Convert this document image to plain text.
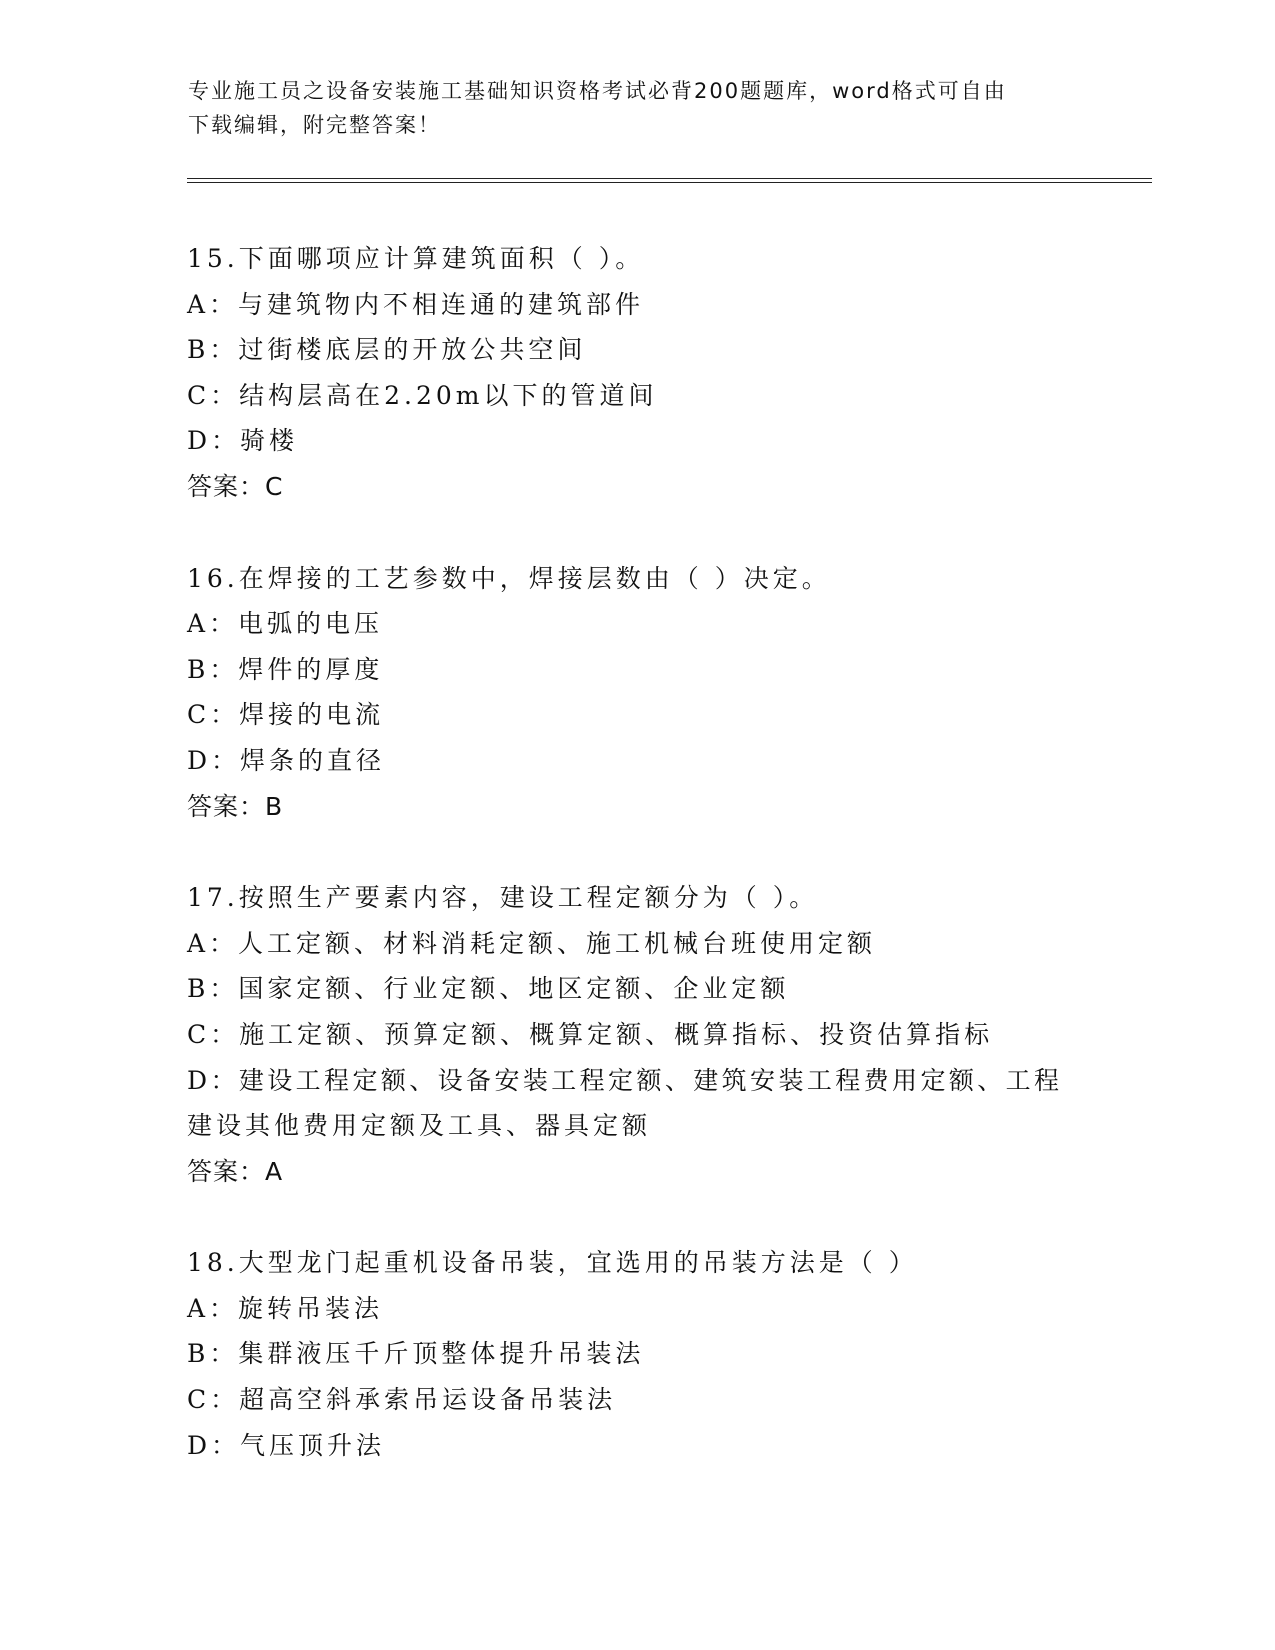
专业施工员之设备安装施工基础知识资格考试必背200题题库，word格式可自由
下载编辑，附完整答案！
15.下面哪项应计算建筑面积（ ）。
A：与建筑物内不相连通的建筑部件
B：过街楼底层的开放公共空间
C：结构层高在2.20m以下的管道间
D：骑楼
答案：C
16.在焊接的工艺参数中，焊接层数由（ ）决定。
A：电弧的电压
B：焊件的厚度
C：焊接的电流
D：焊条的直径
答案：B
17.按照生产要素内容，建设工程定额分为（ ）。
A：人工定额、材料消耗定额、施工机械台班使用定额
B：国家定额、行业定额、地区定额、企业定额
C：施工定额、预算定额、概算定额、概算指标、投资估算指标
D：建设工程定额、设备安装工程定额、建筑安装工程费用定额、工程
建设其他费用定额及工具、器具定额
答案：A
18.大型龙门起重机设备吊装，宜选用的吊装方法是（ ）
A：旋转吊装法
B：集群液压千斤顶整体提升吊装法
C：超高空斜承索吊运设备吊装法
D：气压顶升法
